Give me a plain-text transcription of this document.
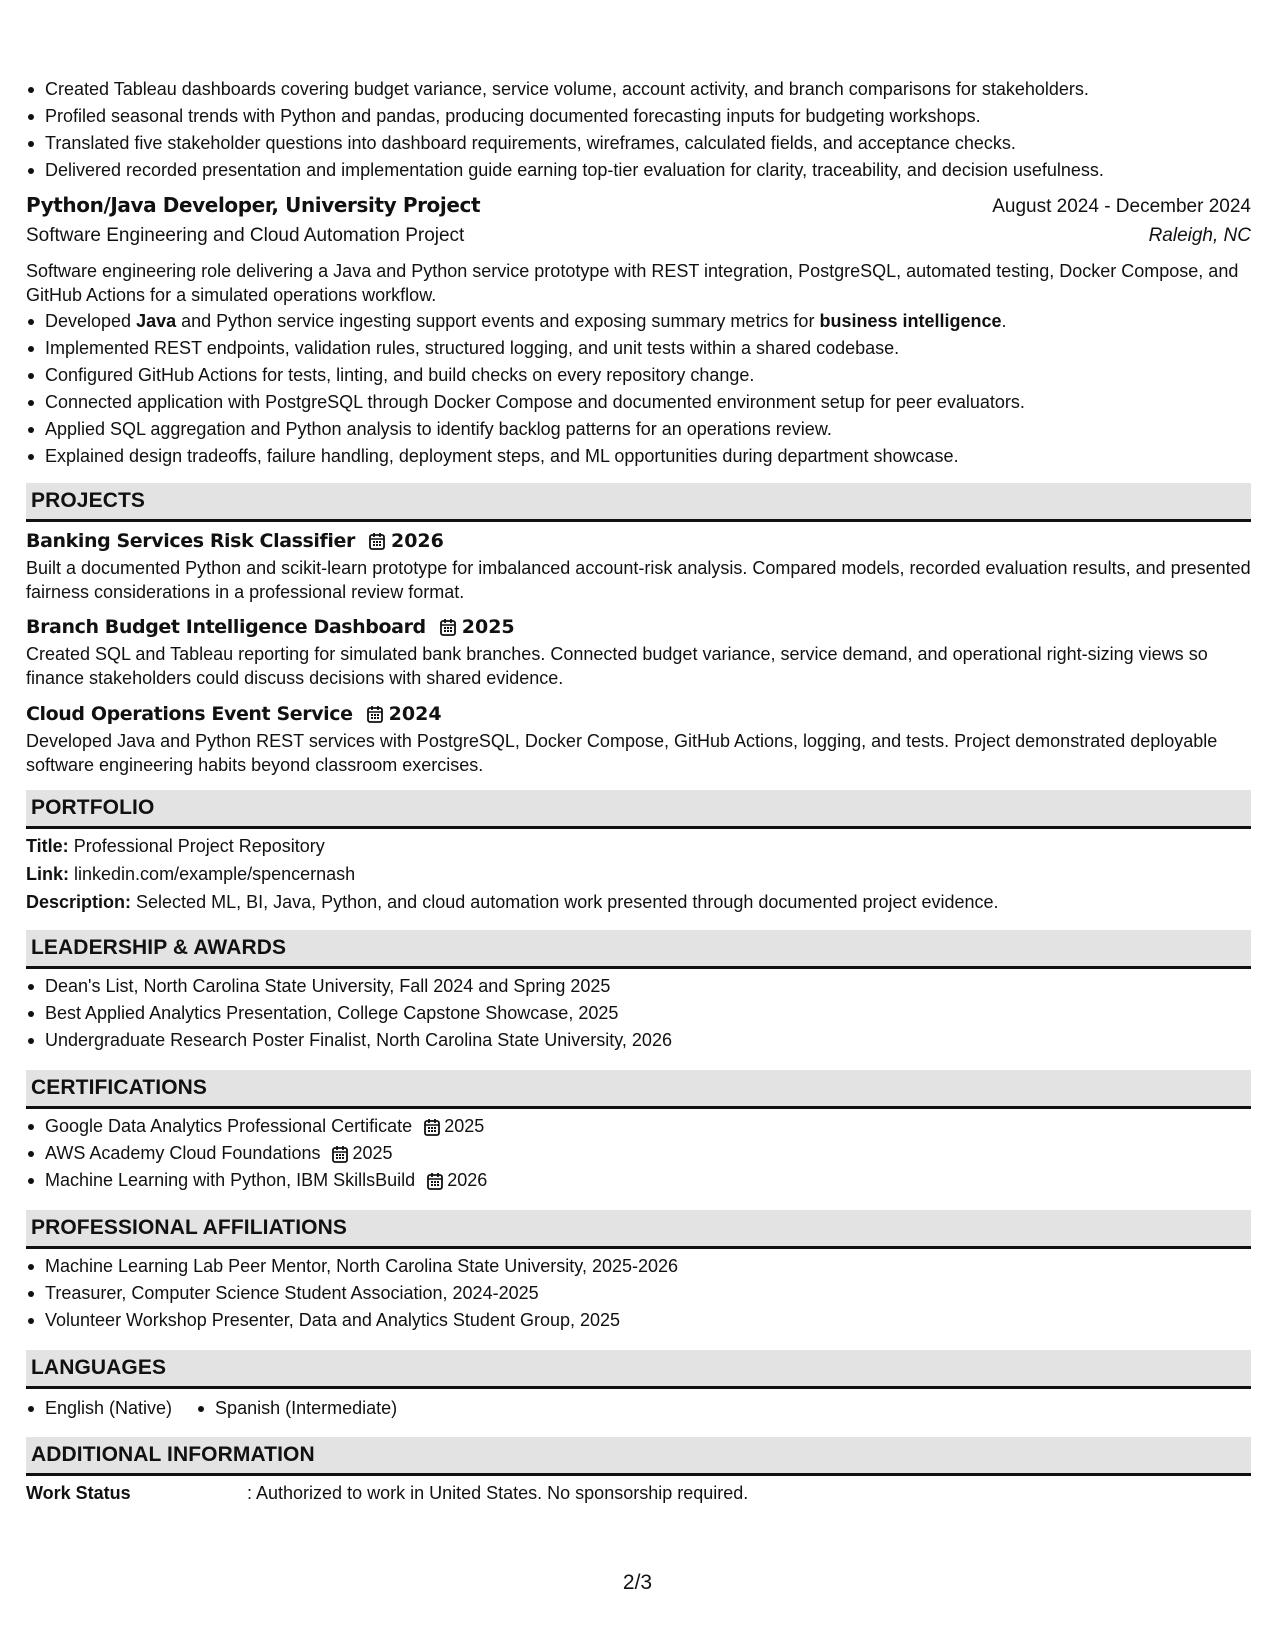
Created Tableau dashboards covering budget variance, service volume, account activity, and branch comparisons for stakeholders.
Profiled seasonal trends with Python and pandas, producing documented forecasting inputs for budgeting workshops.
Translated five stakeholder questions into dashboard requirements, wireframes, calculated fields, and acceptance checks.
Delivered recorded presentation and implementation guide earning top-tier evaluation for clarity, traceability, and decision usefulness.
Python/Java Developer, University Project	August 2024 - December 2024
Software Engineering and Cloud Automation Project	Raleigh, NC

Software engineering role delivering a Java and Python service prototype with REST integration, PostgreSQL, automated testing, Docker Compose, and GitHub Actions for a simulated operations workflow.

Developed Java and Python service ingesting support events and exposing summary metrics for business intelligence.
Implemented REST endpoints, validation rules, structured logging, and unit tests within a shared codebase.
Configured GitHub Actions for tests, linting, and build checks on every repository change.
Connected application with PostgreSQL through Docker Compose and documented environment setup for peer evaluators.
Applied SQL aggregation and Python analysis to identify backlog patterns for an operations review.
Explained design tradeoffs, failure handling, deployment steps, and ML opportunities during department showcase.
PROJECTS
Banking Services Risk Classifier 2026

Built a documented Python and scikit-learn prototype for imbalanced account-risk analysis. Compared models, recorded evaluation results, and presented fairness considerations in a professional review format.

Branch Budget Intelligence Dashboard 2025

Created SQL and Tableau reporting for simulated bank branches. Connected budget variance, service demand, and operational right-sizing views so finance stakeholders could discuss decisions with shared evidence.

Cloud Operations Event Service 2024

Developed Java and Python REST services with PostgreSQL, Docker Compose, GitHub Actions, logging, and tests. Project demonstrated deployable software engineering habits beyond classroom exercises.

PORTFOLIO
Title: Professional Project Repository
Link: linkedin.com/example/spencernash
Description: Selected ML, BI, Java, Python, and cloud automation work presented through documented project evidence.
LEADERSHIP & AWARDS
Dean's List, North Carolina State University, Fall 2024 and Spring 2025
Best Applied Analytics Presentation, College Capstone Showcase, 2025
Undergraduate Research Poster Finalist, North Carolina State University, 2026
CERTIFICATIONS
Google Data Analytics Professional Certificate 2025
AWS Academy Cloud Foundations 2025
Machine Learning with Python, IBM SkillsBuild 2026
PROFESSIONAL AFFILIATIONS
Machine Learning Lab Peer Mentor, North Carolina State University, 2025-2026
Treasurer, Computer Science Student Association, 2024-2025
Volunteer Workshop Presenter, Data and Analytics Student Group, 2025
LANGUAGES
English (Native)	Spanish (Intermediate)
ADDITIONAL INFORMATION
Work Status	: Authorized to work in United States. No sponsorship required.
2/3
